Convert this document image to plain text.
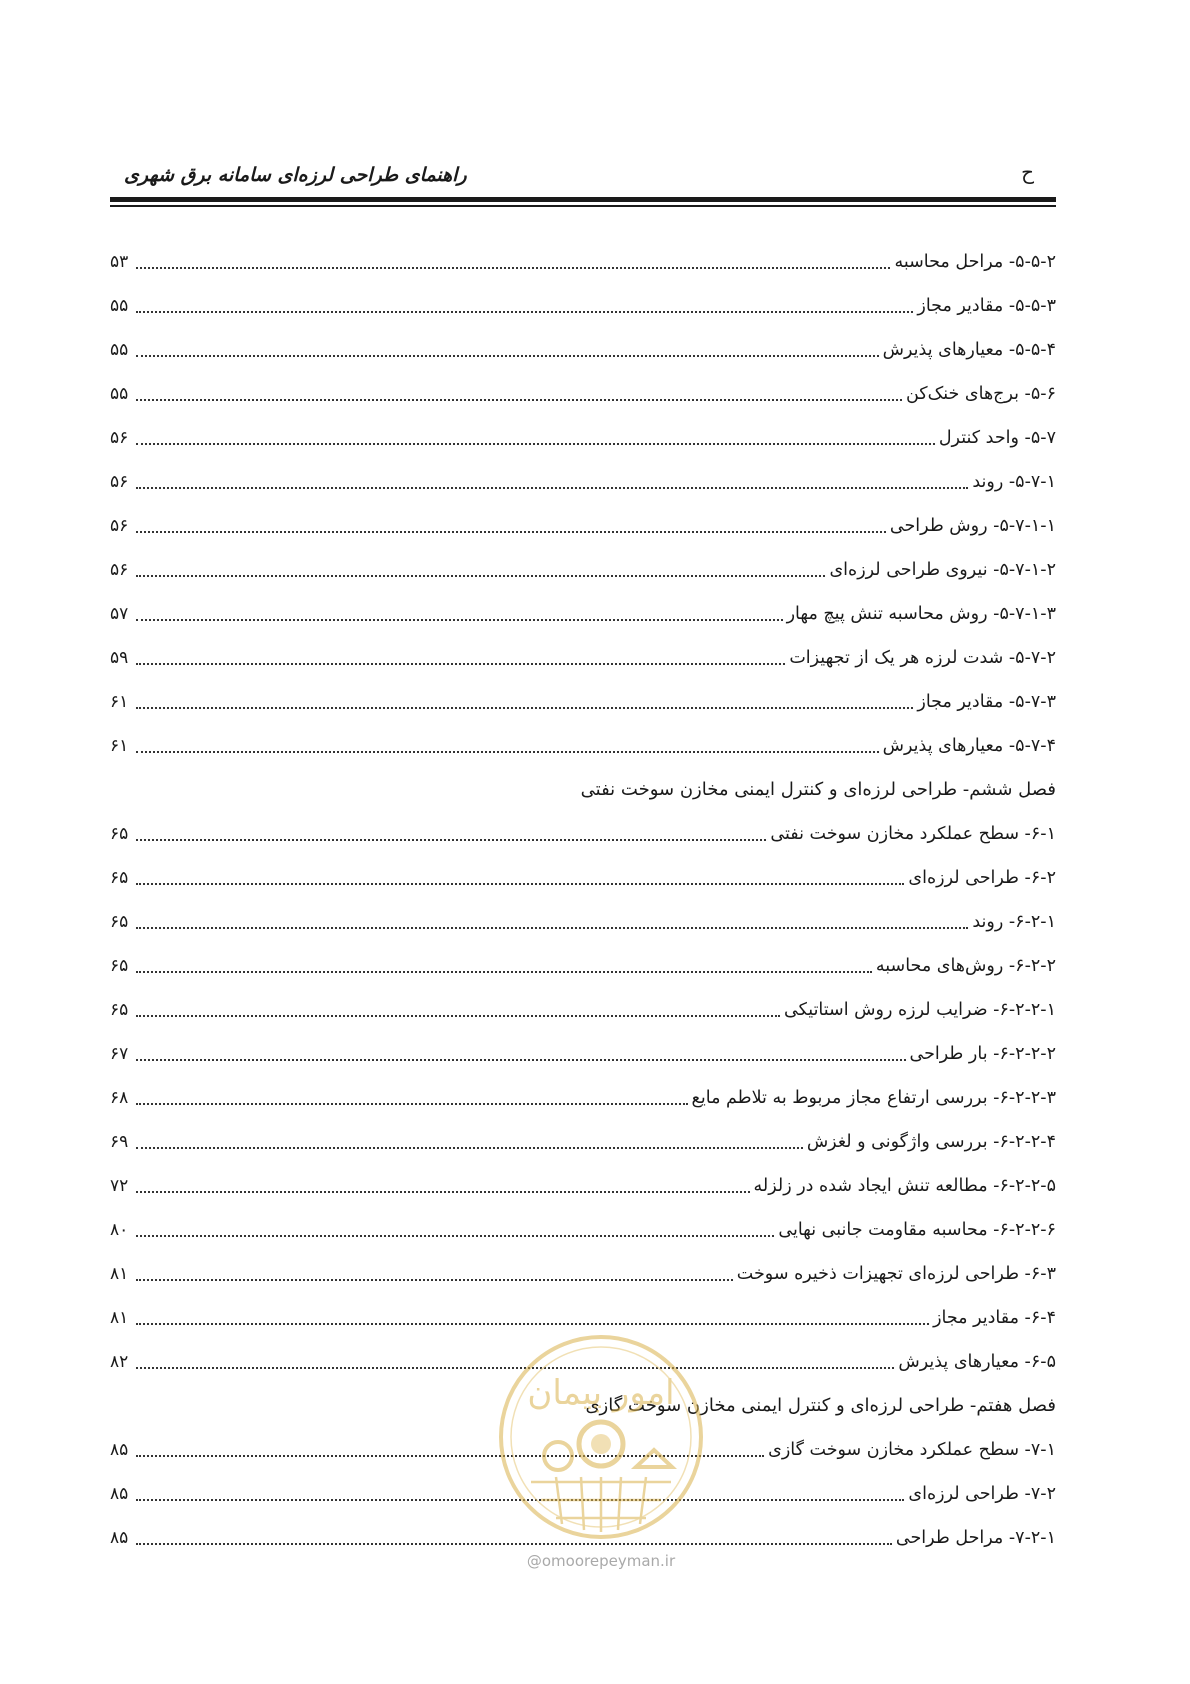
راهنمای طراحی لرزه‌ای سامانه برق شهری	ح
۵-۵-۲- مراحل محاسبه
۵۳
۵-۵-۳- مقادیر مجاز
۵۵
۵-۵-۴- معیارهای پذیرش
۵۵
۵-۶- برج‌های خنک‌کن
۵۵
۵-۷- واحد کنترل
۵۶
۵-۷-۱- روند
۵۶
۵-۷-۱-۱- روش طراحی
۵۶
۵-۷-۱-۲- نیروی طراحی لرزه‌ای
۵۶
۵-۷-۱-۳- روش محاسبه تنش پیچ مهار
۵۷
۵-۷-۲- شدت لرزه هر یک از تجهیزات
۵۹
۵-۷-۳- مقادیر مجاز
۶۱
۵-۷-۴- معیارهای پذیرش
۶۱
فصل ششم- طراحی لرزه‌ای و کنترل ایمنی مخازن سوخت نفتی
۶-۱- سطح عملکرد مخازن سوخت نفتی
۶۵
۶-۲- طراحی لرزه‌ای
۶۵
۶-۲-۱- روند
۶۵
۶-۲-۲- روش‌های محاسبه
۶۵
۶-۲-۲-۱- ضرایب لرزه روش استاتیکی
۶۵
۶-۲-۲-۲- بار طراحی
۶۷
۶-۲-۲-۳- بررسی ارتفاع مجاز مربوط به تلاطم مایع
۶۸
۶-۲-۲-۴- بررسی واژگونی و لغزش
۶۹
۶-۲-۲-۵- مطالعه تنش ایجاد شده در زلزله
۷۲
۶-۲-۲-۶- محاسبه مقاومت جانبی نهایی
۸۰
۶-۳- طراحی لرزه‌ای تجهیزات ذخیره سوخت
۸۱
۶-۴- مقادیر مجاز
۸۱
۶-۵- معیارهای پذیرش
۸۲
فصل هفتم- طراحی لرزه‌ای و کنترل ایمنی مخازن سوخت گازی
۷-۱- سطح عملکرد مخازن سوخت گازی
۸۵
۷-۲- طراحی لرزه‌ای
۸۵
۷-۲-۱- مراحل طراحی
۸۵
امور پیمان
@omoorepeyman.ir
